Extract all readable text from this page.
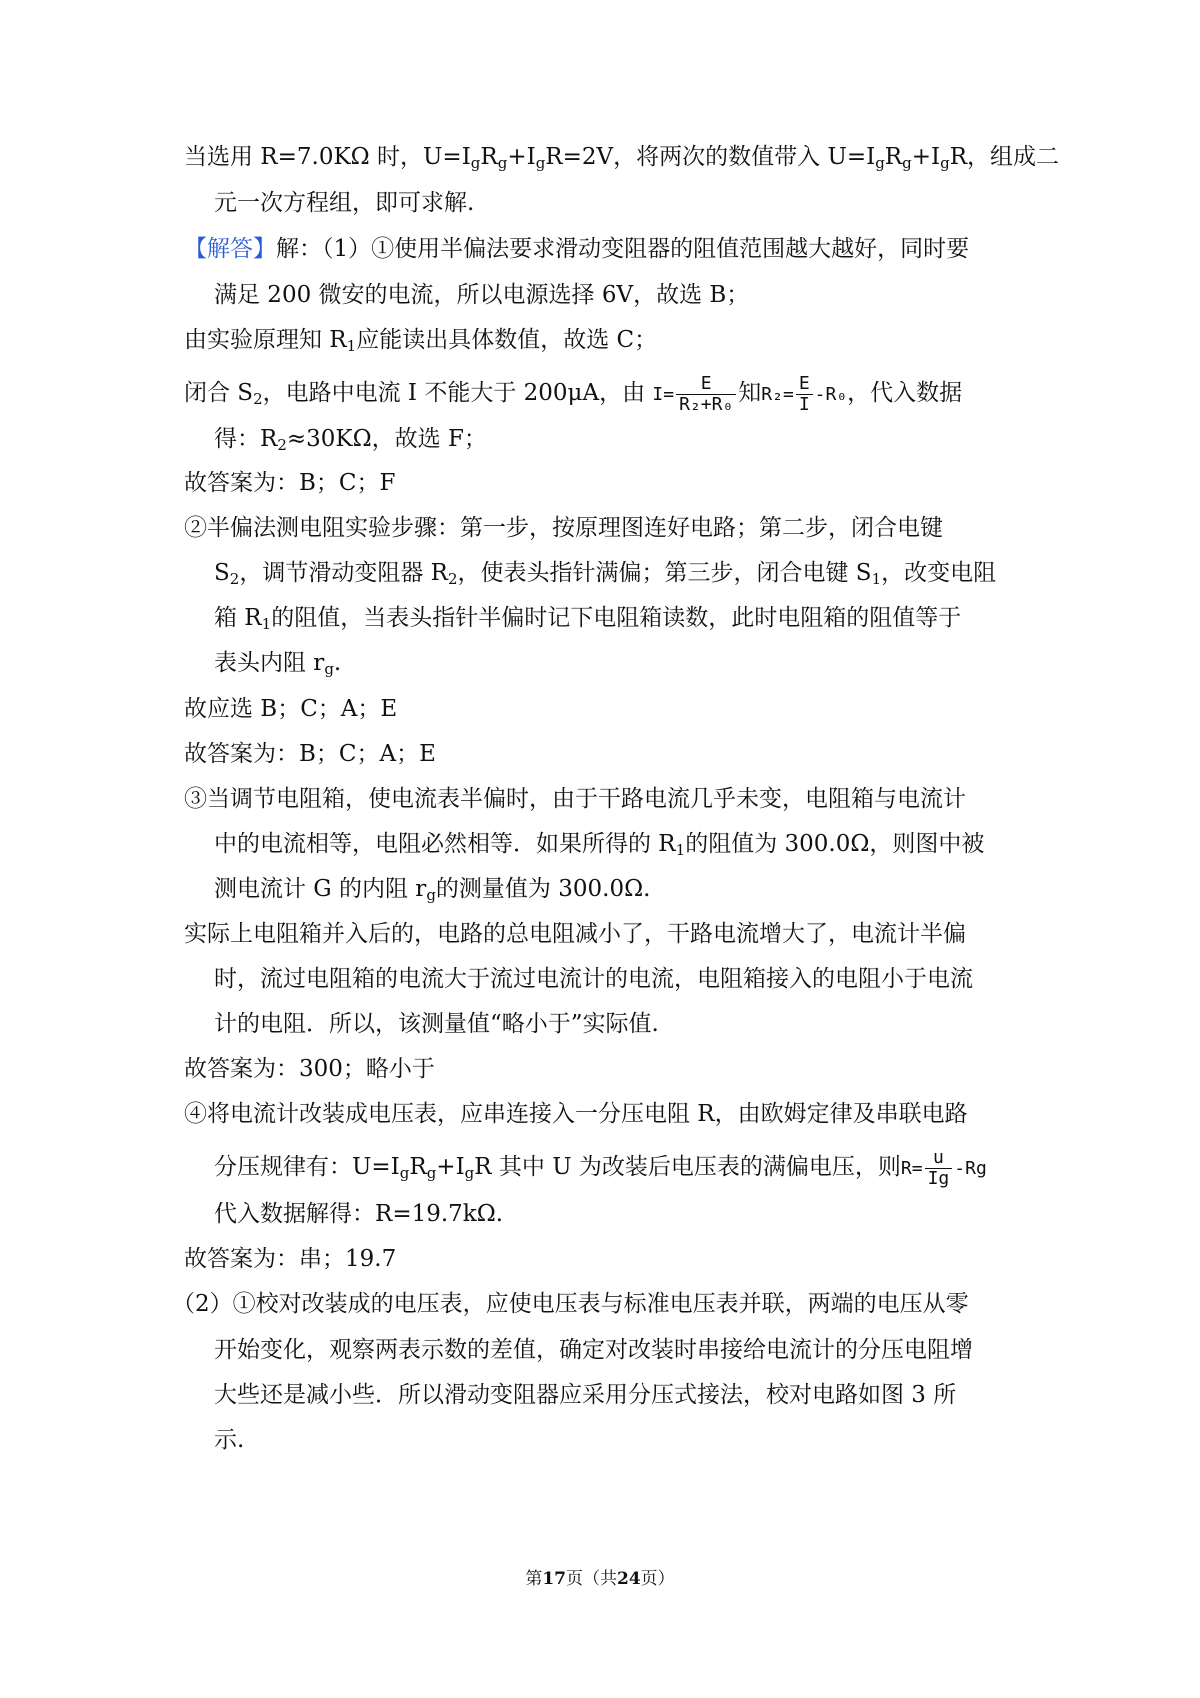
当选用 R=7.0KΩ 时，$U=I_gR_g+I_gR=2V$，将两次的数值带入 $U=I_gR_g+I_gR$，组成二
元一次方程组，即可求解.
【解答】解：（1）①使用半偏法要求滑动变阻器的阻值范围越大越好，同时要
满足 200 微安的电流，所以电源选择 6V，故选 B；
由实验原理知 $R_1$应能读出具体数值，故选 C；
闭合 $S_2$，电路中电流 I 不能大于 200μA，由 $I= \frac{E}{\text{R₂+R₀}}$ 知$R_2= \frac{E}{I} -R_0$，代入数据
得：$R_2\approx 30K\Omega$，故选 F；
故答案为：B；C；F
②半偏法测电阻实验步骤：第一步，按原理图连好电路；第二步，闭合电键
$S_2$，调节滑动变阻器 $R_2$，使表头指针满偏；第三步，闭合电键 $S_1$，改变电阻
箱 $R_1$的阻值，当表头指针半偏时记下电阻箱读数，此时电阻箱的阻值等于
表头内阻 $r_g$.
故应选 B；C；A；E
故答案为：B；C；A；E
③当调节电阻箱，使电流表半偏时，由于干路电流几乎未变，电阻箱与电流计
中的电流相等，电阻必然相等．如果所得的 $R_1$的阻值为 300.0Ω，则图中被
测电流计 G 的内阻 $r_g$的测量值为 300.0Ω.
实际上电阻箱并入后的，电路的总电阻减小了，干路电流增大了，电流计半偏
时，流过电阻箱的电流大于流过电流计的电流，电阻箱接入的电阻小于电流
计的电阻．所以，该测量值“略小于”实际值.
故答案为：300；略小于
④将电流计改装成电压表，应串连接入一分压电阻 R，由欧姆定律及串联电路
分压规律有：$U=I_gR_g+I_gR$ 其中 U 为改装后电压表的满偏电压，则$R= \frac{u}{Ig} -Rg$
代入数据解得：R=19.7kΩ.
故答案为：串；19.7
（2）①校对改装成的电压表，应使电压表与标准电压表并联，两端的电压从零
开始变化，观察两表示数的差值，确定对改装时串接给电流计的分压电阻增
大些还是减小些．所以滑动变阻器应采用分压式接法，校对电路如图 3 所
示.
第17页（共24页）
